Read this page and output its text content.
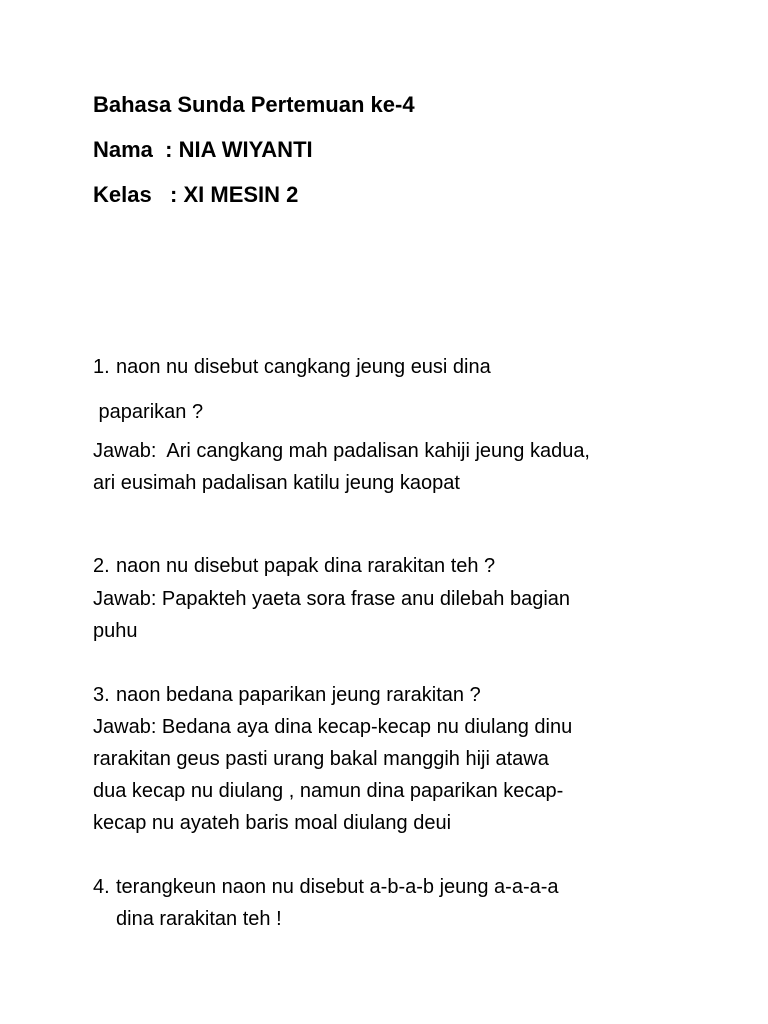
Bahasa Sunda Pertemuan ke-4
Nama  : NIA WIYANTI
Kelas   : XI MESIN 2
1. naon nu disebut cangkang jeung eusi dina
paparikan ?
Jawab:  Ari cangkang mah padalisan kahiji jeung kadua,
ari eusimah padalisan katilu jeung kaopat
2. naon nu disebut papak dina rarakitan teh ?
Jawab: Papakteh yaeta sora frase anu dilebah bagian
puhu
3. naon bedana paparikan jeung rarakitan ?
Jawab: Bedana aya dina kecap-kecap nu diulang dinu
rarakitan geus pasti urang bakal manggih hiji atawa
dua kecap nu diulang , namun dina paparikan kecap-
kecap nu ayateh baris moal diulang deui
4. terangkeun naon nu disebut a-b-a-b jeung a-a-a-a
dina rarakitan teh !
